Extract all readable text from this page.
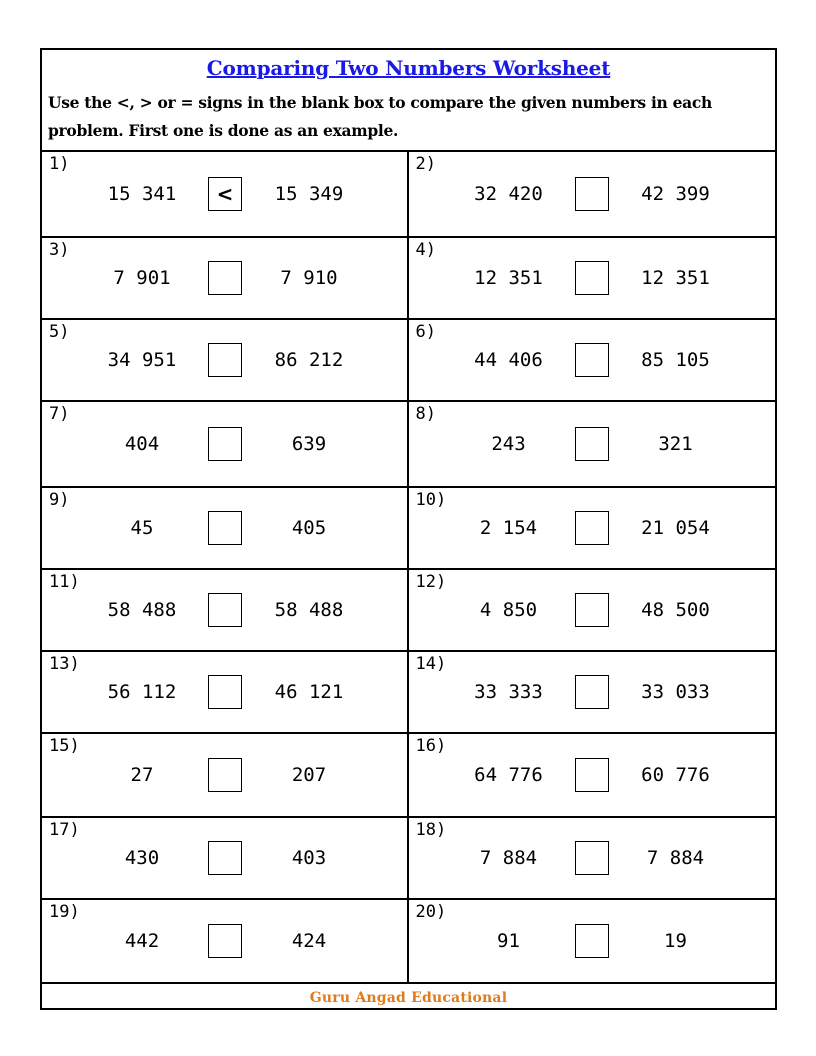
Comparing Two Numbers Worksheet
Use the <, > or = signs in the blank box to compare the given numbers in each problem. First one is done as an example.
1)
15 341	<	15 349
2)
32 420	42 399
3)
7 901	7 910
4)
12 351	12 351
5)
34 951	86 212
6)
44 406	85 105
7)
404	639
8)
243	321
9)
45	405
10)
2 154	21 054
11)
58 488	58 488
12)
4 850	48 500
13)
56 112	46 121
14)
33 333	33 033
15)
27	207
16)
64 776	60 776
17)
430	403
18)
7 884	7 884
19)
442	424
20)
91	19
Guru Angad Educational
